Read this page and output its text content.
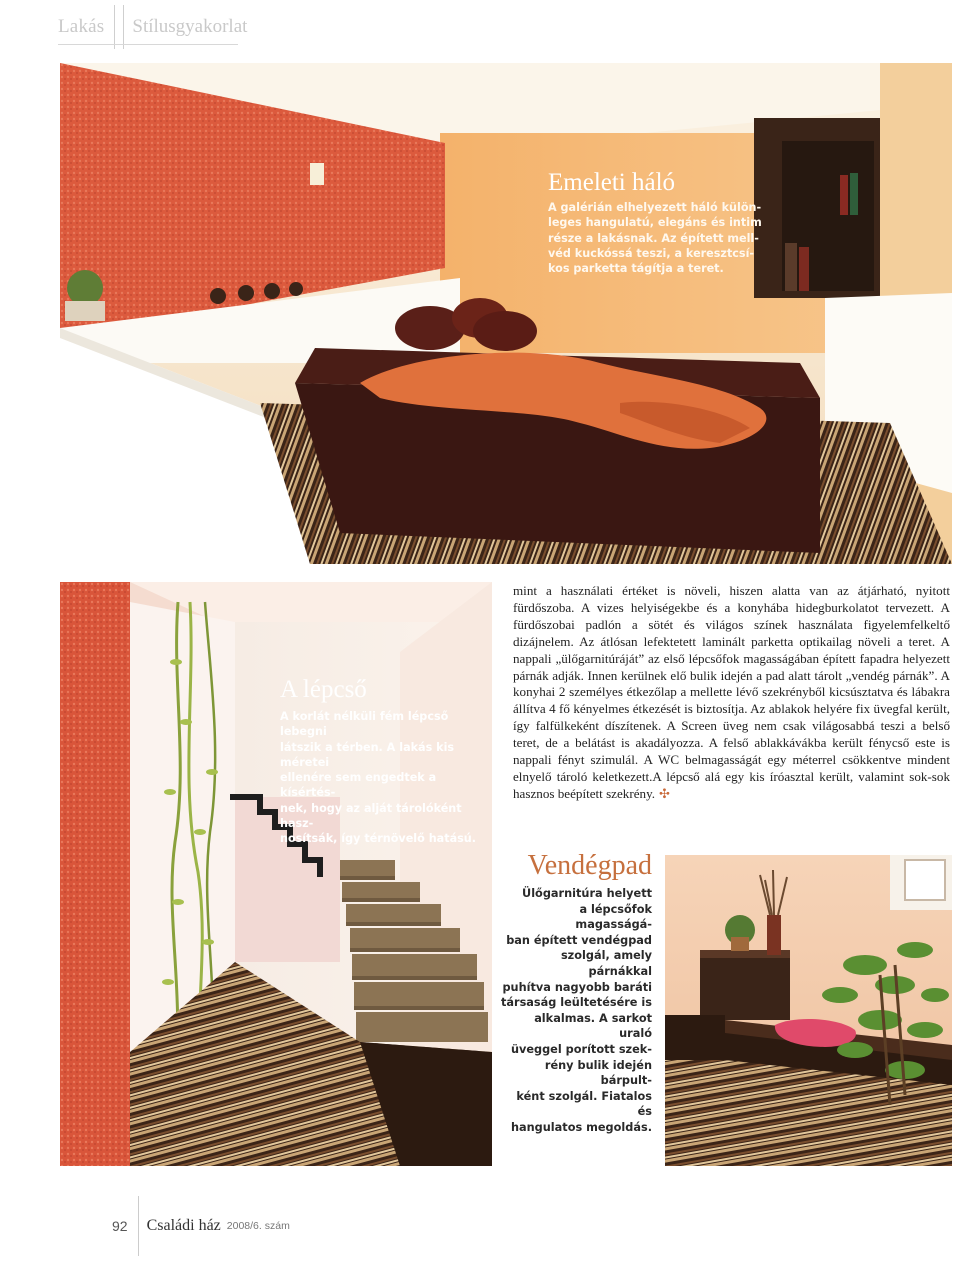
Lakás Stílusgyakorlat
Emeleti háló

A galérián elhelyezett háló külön-
leges hangulatú, elegáns és intim
része a lakásnak. Az épített mell-
véd kuckóssá teszi, a keresztcsí-
kos parketta tágítja a teret.

A lépcső

A korlát nélküli fém lépcső lebegni
látszik a térben. A lakás kis méretei
ellenére sem engedtek a kísértés-
nek, hogy az alját tárolóként hasz-
nosítsák, így térnövelő hatású.

mint a használati értéket is növeli, hiszen alatta van az átjárható, nyitott fürdőszoba. A vizes helyiségekbe és a konyhába hidegburkolatot tervezett. A fürdőszobai padlón a sötét és világos színek használata figyelemfelkeltő dizájnelem. Az átlósan lefektetett laminált parketta optikailag növeli a teret. A nappali „ülőgarnitúráját” az első lépcsőfok magasságában épített fapadra helyezett párnák adják. Innen kerülnek elő bulik idején a pad alatt tárolt „vendég párnák”. A konyhai 2 személyes étkezőlap a mellette lévő szekrényből kicsúsztatva és lábakra állítva 4 fő kényelmes étkezését is biztosítja. Az ablakok helyére fix üvegfal került, így falfülkeként díszítenek. A Screen üveg nem csak világosabbá teszi a belső teret, de a belátást is akadályozza. A felső ablakkávákba került fénycső este is nappali fényt szimulál. A WC belmagasságát egy méterrel csökkentve mindent elnyelő tároló keletkezett.A lépcső alá egy kis íróasztal került, valamint sok-sok hasznos beépített szekrény. ✣
Vendégpad

Ülőgarnitúra helyett
a lépcsőfok magasságá-
ban épített vendégpad
szolgál, amely párnákkal
puhítva nagyobb baráti
társaság leültetésére is
alkalmas. A sarkot uraló
üveggel porított szek-
rény bulik idején bárpult-
ként szolgál. Fiatalos és
hangulatos megoldás.

92 Családi ház 2008/6. szám
